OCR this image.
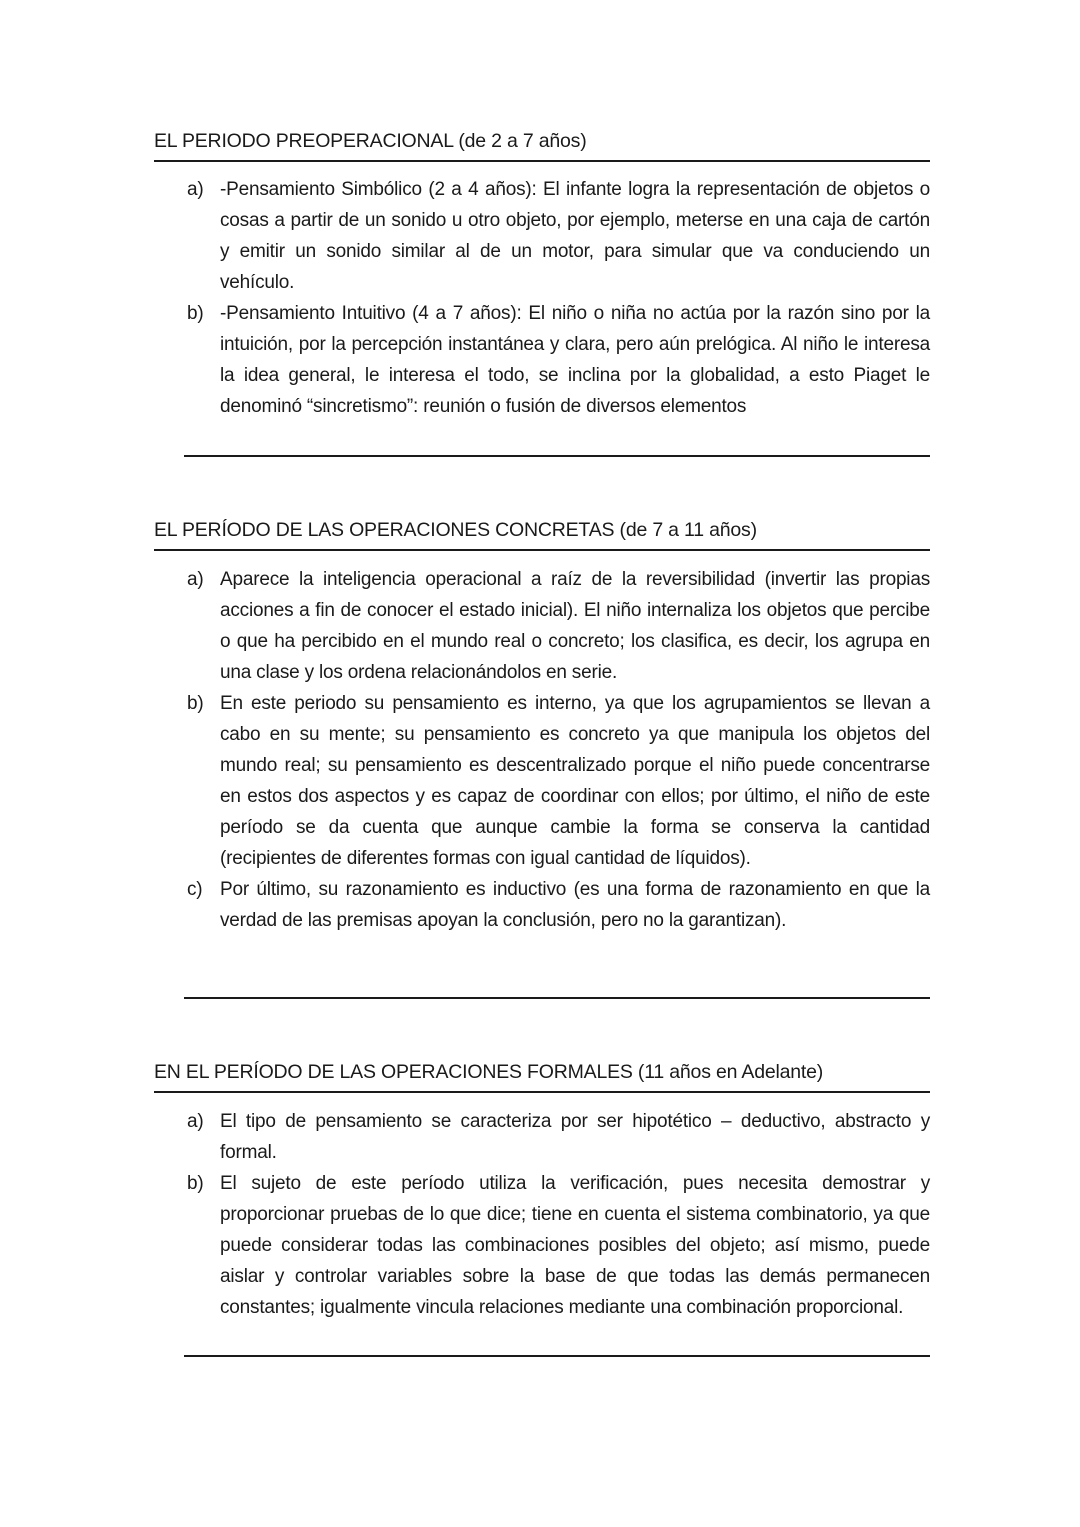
EL PERIODO PREOPERACIONAL (de 2 a 7 años)
a) -Pensamiento Simbólico (2 a 4 años): El infante logra la representación de objetos o cosas a partir de un sonido u otro objeto, por ejemplo, meterse en una caja de cartón y emitir un sonido similar al de un motor, para simular que va conduciendo un vehículo.
b) -Pensamiento Intuitivo (4 a 7 años): El niño o niña no actúa por la razón sino por la intuición, por la percepción instantánea y clara, pero aún prelógica. Al niño le interesa la idea general, le interesa el todo, se inclina por la globalidad, a esto Piaget le denominó “sincretismo”: reunión o fusión de diversos elementos
EL PERÍODO DE LAS OPERACIONES CONCRETAS (de 7 a 11 años)
a) Aparece la inteligencia operacional a raíz de la reversibilidad (invertir las propias acciones a fin de conocer el estado inicial). El niño internaliza los objetos que percibe o que ha percibido en el mundo real o concreto; los clasifica, es decir, los agrupa en una clase y los ordena relacionándolos en serie.
b) En este periodo su pensamiento es interno, ya que los agrupamientos se llevan a cabo en su mente; su pensamiento es concreto ya que manipula los objetos del mundo real; su pensamiento es descentralizado porque el niño puede concentrarse en estos dos aspectos y es capaz de coordinar con ellos; por último, el niño de este período se da cuenta que aunque cambie la forma se conserva la cantidad (recipientes de diferentes formas con igual cantidad de líquidos).
c) Por último, su razonamiento es inductivo (es una forma de razonamiento en que la verdad de las premisas apoyan la conclusión, pero no la garantizan).
EN EL PERÍODO DE LAS OPERACIONES FORMALES (11 años en Adelante)
a) El tipo de pensamiento se caracteriza por ser hipotético – deductivo, abstracto y formal.
b) El sujeto de este período utiliza la verificación, pues necesita demostrar y proporcionar pruebas de lo que dice; tiene en cuenta el sistema combinatorio, ya que puede considerar todas las combinaciones posibles del objeto; así mismo, puede aislar y controlar variables sobre la base de que todas las demás permanecen constantes; igualmente vincula relaciones mediante una combinación proporcional.
